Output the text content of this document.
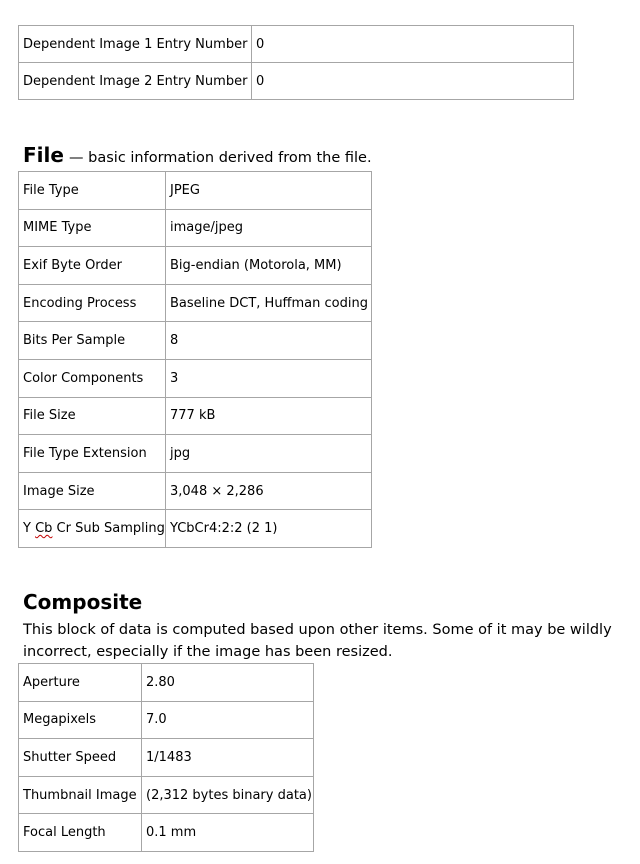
Dependent Image 1 Entry Number	0
Dependent Image 2 Entry Number	0

File — basic information derived from the file.

File Type	JPEG
MIME Type	image/jpeg
Exif Byte Order	Big-endian (Motorola, MM)
Encoding Process	Baseline DCT, Huffman coding
Bits Per Sample	8
Color Components	3
File Size	777 kB
File Type Extension	jpg
Image Size	3,048 × 2,286
Y Cb Cr Sub Sampling	YCbCr4:2:2 (2 1)

Composite

This block of data is computed based upon other items. Some of it may be wildly incorrect, especially if the image has been resized.

Aperture	2.80
Megapixels	7.0
Shutter Speed	1/1483
Thumbnail Image	(2,312 bytes binary data)
Focal Length	0.1 mm
